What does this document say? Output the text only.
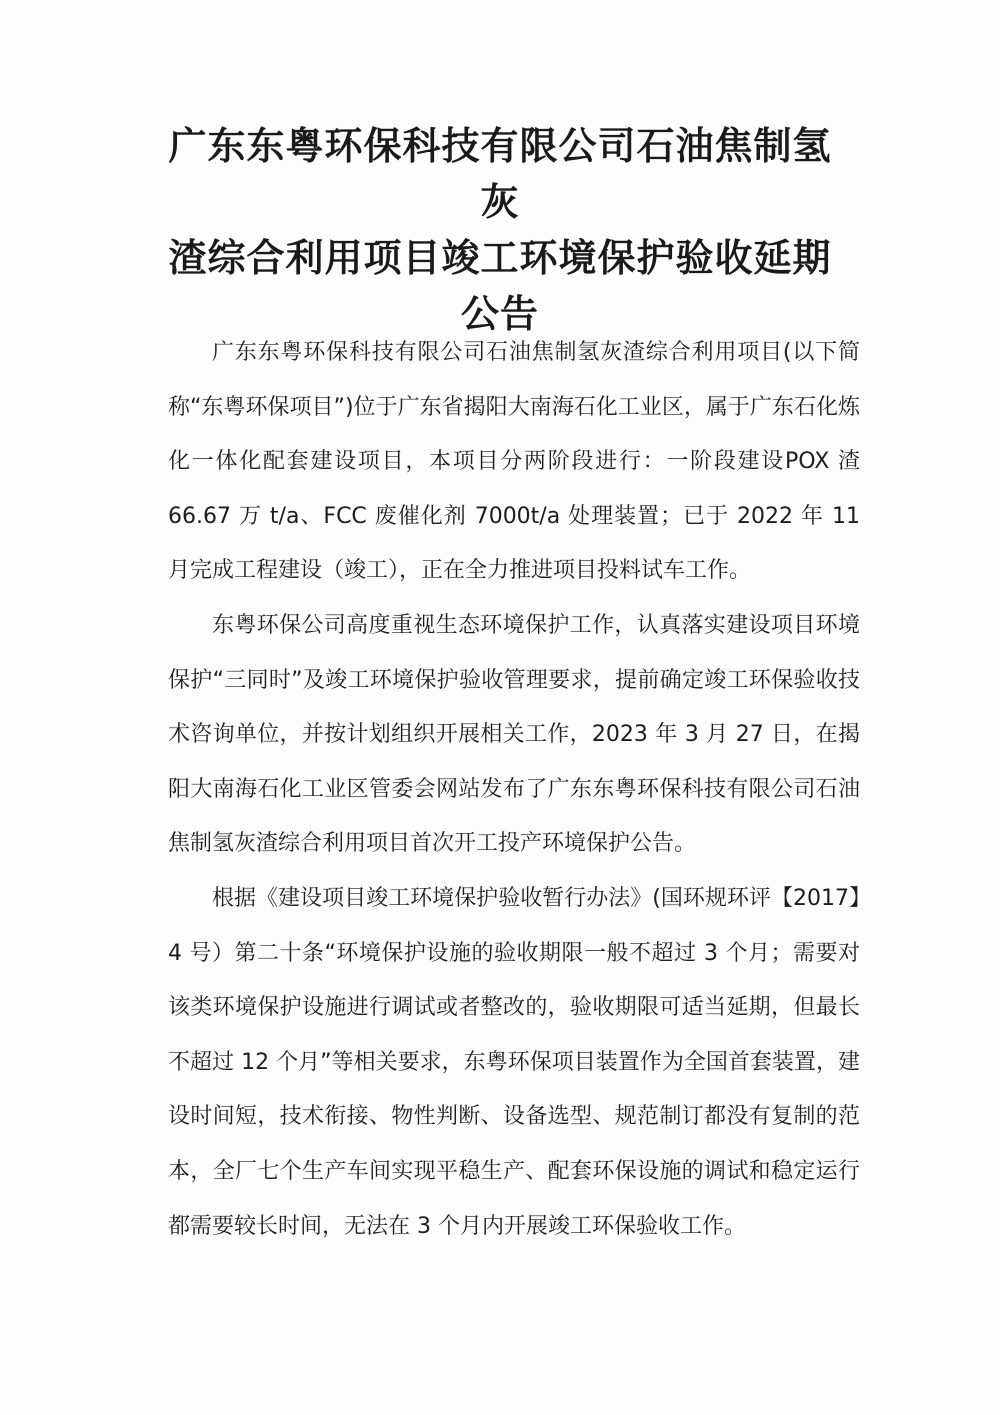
广东东粤环保科技有限公司石油焦制氢灰
渣综合利用项目竣工环境保护验收延期
公告

广东东粤环保科技有限公司石油焦制氢灰渣综合利用项目(以下简称“东粤环保项目”)位于广东省揭阳大南海石化工业区，属于广东石化炼化一体化配套建设项目，本项目分两阶段进行：一阶段建设POX 渣 66.67 万 t/a、FCC 废催化剂 7000t/a 处理装置；已于 2022 年 11 月完成工程建设（竣工），正在全力推进项目投料试车工作。

东粤环保公司高度重视生态环境保护工作，认真落实建设项目环境保护“三同时”及竣工环境保护验收管理要求，提前确定竣工环保验收技术咨询单位，并按计划组织开展相关工作，2023 年 3 月 27 日，在揭阳大南海石化工业区管委会网站发布了广东东粤环保科技有限公司石油焦制氢灰渣综合利用项目首次开工投产环境保护公告。

根据《建设项目竣工环境保护验收暂行办法》(国环规环评【2017】4 号）第二十条“环境保护设施的验收期限一般不超过 3 个月；需要对该类环境保护设施进行调试或者整改的，验收期限可适当延期，但最长不超过 12 个月”等相关要求，东粤环保项目装置作为全国首套装置，建设时间短，技术衔接、物性判断、设备选型、规范制订都没有复制的范本，全厂七个生产车间实现平稳生产、配套环保设施的调试和稳定运行都需要较长时间，无法在 3 个月内开展竣工环保验收工作。
